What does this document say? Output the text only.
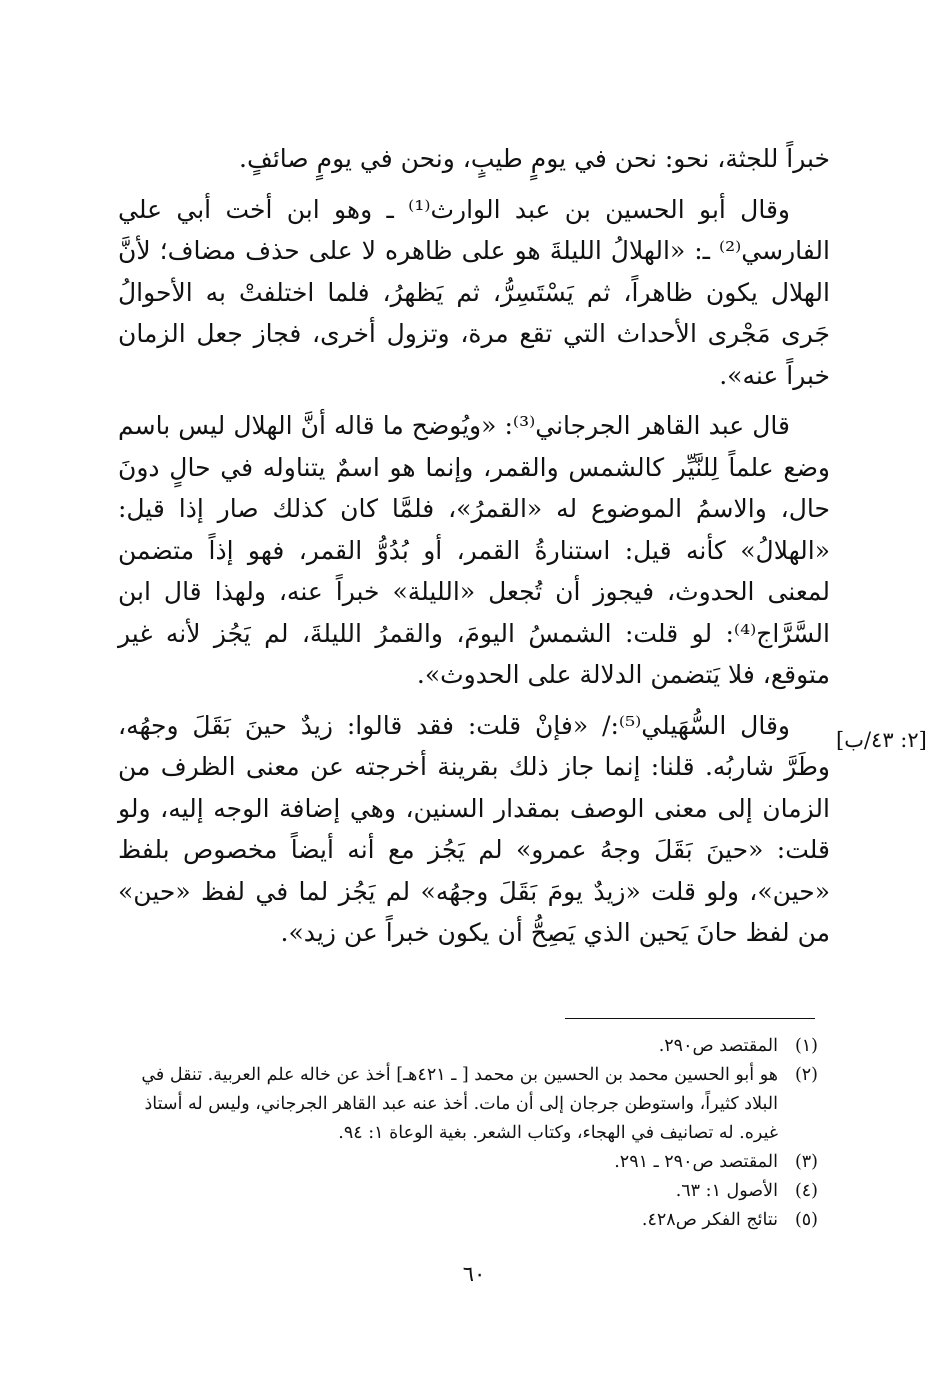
خبراً للجثة، نحو: نحن في يومٍ طيبٍ، ونحن في يومٍ صائفٍ.

وقال أبو الحسين بن عبد الوارث⁽¹⁾ ـ وهو ابن أخت أبي علي الفارسي⁽²⁾ ـ: «الهلالُ الليلةَ هو على ظاهره لا على حذف مضاف؛ لأنَّ الهلال يكون ظاهراً، ثم يَسْتَسِرُّ، ثم يَظهرُ، فلما اختلفتْ به الأحوالُ جَرى مَجْرى الأحداث التي تقع مرة، وتزول أخرى، فجاز جعل الزمان خبراً عنه».

قال عبد القاهر الجرجاني⁽³⁾: «ويُوضح ما قاله أنَّ الهلال ليس باسم وضع علماً لِلنَّيِّر كالشمس والقمر، وإنما هو اسمٌ يتناوله في حالٍ دونَ حال، والاسمُ الموضوع له «القمرُ»، فلمَّا كان كذلك صار إذا قيل: «الهلالُ» كأنه قيل: استنارةُ القمر، أو بُدُوُّ القمر، فهو إذاً متضمن لمعنى الحدوث، فيجوز أن تُجعل «الليلة» خبراً عنه، ولهذا قال ابن السَّرَّاج⁽⁴⁾: لو قلت: الشمسُ اليومَ، والقمرُ الليلةَ، لم يَجُز لأنه غير متوقع، فلا يَتضمن الدلالة على الحدوث».

وقال السُّهَيلي⁽⁵⁾:/ «فإنْ قلت: فقد قالوا: زيدٌ حينَ بَقَلَ وجهُه، وطَرَّ شاربُه. قلنا: إنما جاز ذلك بقرينة أخرجته عن معنى الظرف من الزمان إلى معنى الوصف بمقدار السنين، وهي إضافة الوجه إليه، ولو قلت: «حينَ بَقَلَ وجهُ عمرو» لم يَجُز مع أنه أيضاً مخصوص بلفظ «حين»، ولو قلت «زيدٌ يومَ بَقَلَ وجهُه» لم يَجُز لما في لفظ «حين» من لفظ حانَ يَحين الذي يَصِحُّ أن يكون خبراً عن زيد».

[٢: ٤٣/ب]
(١)
المقتصد ص٢٩٠.
(٢)
هو أبو الحسين محمد بن الحسين بن محمد [ ـ ٤٢١هـ] أخذ عن خاله علم العربية. تنقل في البلاد كثيراً، واستوطن جرجان إلى أن مات. أخذ عنه عبد القاهر الجرجاني، وليس له أستاذ غيره. له تصانيف في الهجاء، وكتاب الشعر. بغية الوعاة ١: ٩٤.
(٣)
المقتصد ص٢٩٠ ـ ٢٩١.
(٤)
الأصول ١: ٦٣.
(٥)
نتائج الفكر ص٤٢٨.
٦٠
